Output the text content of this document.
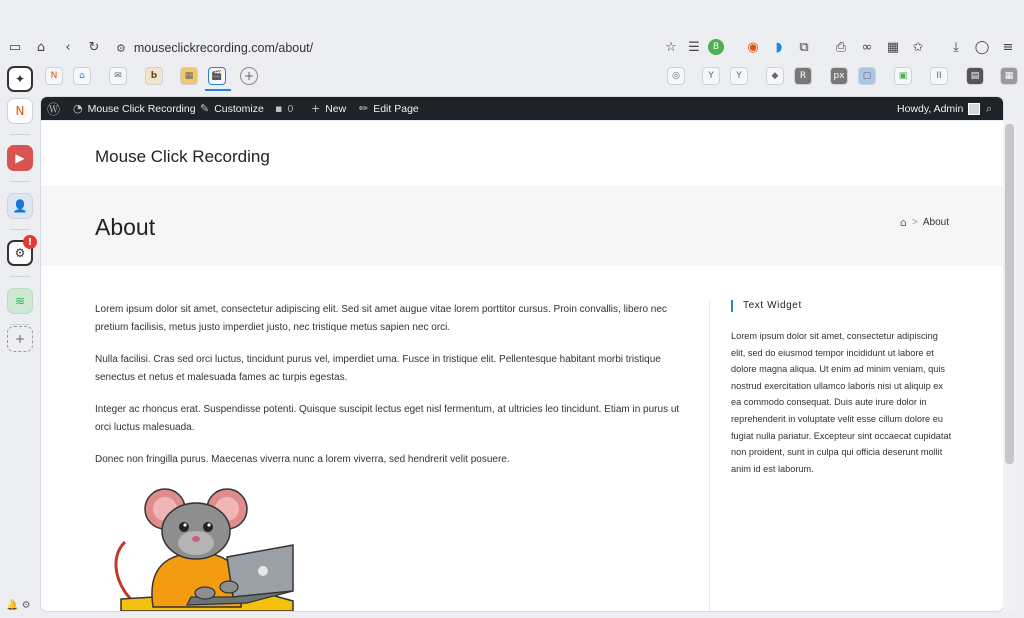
▭	⌂	‹	↻	⚙ mouseclickrecording.com/about/	☆ ☰	B ◉	◗	⧉	⎙ ∞ ▦ ✩	⤓	◯ ≡
N	⌂	✉	b	▦	🎬	+	◎	Y	Y	◆	R	px	▢	▣	II	▤	▦
✦
N
▶
👤
⚙
!
≋
+
🔔 ⚙
Ⓦ ◔ Mouse Click Recording ✎ Customize ▪ 0 + New ✏ Edit Page	Howdy, Admin ⌕
Mouse Click Recording
About	⌂ > About

Lorem ipsum dolor sit amet, consectetur adipiscing elit. Sed sit amet augue vitae lorem porttitor cursus. Proin convallis, libero nec pretium facilisis, metus justo imperdiet justo, nec tristique metus sapien nec orci.

Nulla facilisi. Cras sed orci luctus, tincidunt purus vel, imperdiet urna. Fusce in tristique elit. Pellentesque habitant morbi tristique senectus et netus et malesuada fames ac turpis egestas.

Integer ac rhoncus erat. Suspendisse potenti. Quisque suscipit lectus eget nisl fermentum, at ultricies leo tincidunt. Etiam in purus ut orci luctus malesuada.

Donec non fringilla purus. Maecenas viverra nunc a lorem viverra, sed hendrerit velit posuere.

Text Widget
Lorem ipsum dolor sit amet, consectetur adipiscing elit, sed do eiusmod tempor incididunt ut labore et dolore magna aliqua. Ut enim ad minim veniam, quis nostrud exercitation ullamco laboris nisi ut aliquip ex ea commodo consequat. Duis aute irure dolor in reprehenderit in voluptate velit esse cillum dolore eu fugiat nulla pariatur. Excepteur sint occaecat cupidatat non proident, sunt in culpa qui officia deserunt mollit anim id est laborum.
